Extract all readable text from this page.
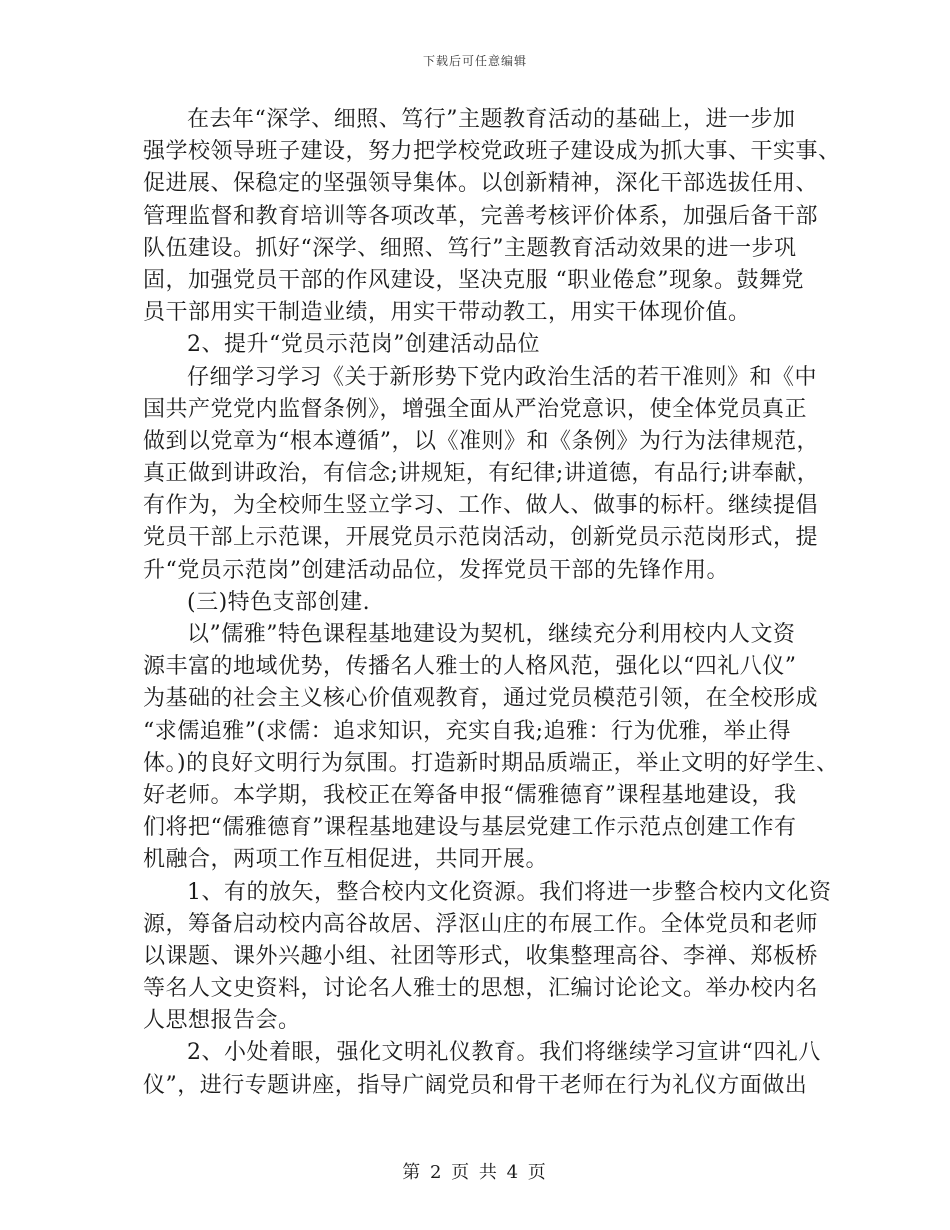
下载后可任意编辑
在去年“深学、细照、笃行”主题教育活动的基础上，进一步加
强学校领导班子建设，努力把学校党政班子建设成为抓大事、干实事、
促进展、保稳定的坚强领导集体。以创新精神，深化干部选拔任用、
管理监督和教育培训等各项改革，完善考核评价体系，加强后备干部
队伍建设。抓好“深学、细照、笃行”主题教育活动效果的进一步巩
固，加强党员干部的作风建设，坚决克服 “职业倦怠”现象。鼓舞党
员干部用实干制造业绩，用实干带动教工，用实干体现价值。
2、提升“党员示范岗”创建活动品位
仔细学习学习《关于新形势下党内政治生活的若干准则》和《中
国共产党党内监督条例》，增强全面从严治党意识，使全体党员真正
做到以党章为“根本遵循”，以《准则》和《条例》为行为法律规范，
真正做到讲政治，有信念;讲规矩，有纪律;讲道德，有品行;讲奉献，
有作为，为全校师生竖立学习、工作、做人、做事的标杆。继续提倡
党员干部上示范课，开展党员示范岗活动，创新党员示范岗形式，提
升“党员示范岗”创建活动品位，发挥党员干部的先锋作用。
(三)特色支部创建.
以”儒雅”特色课程基地建设为契机，继续充分利用校内人文资
源丰富的地域优势，传播名人雅士的人格风范，强化以“四礼八仪”
为基础的社会主义核心价值观教育，通过党员模范引领，在全校形成
“求儒追雅”(求儒：追求知识，充实自我;追雅：行为优雅，举止得
体。)的良好文明行为氛围。打造新时期品质端正，举止文明的好学生、
好老师。本学期，我校正在筹备申报“儒雅德育”课程基地建设，我
们将把“儒雅德育”课程基地建设与基层党建工作示范点创建工作有
机融合，两项工作互相促进，共同开展。
1、有的放矢，整合校内文化资源。我们将进一步整合校内文化资
源，筹备启动校内高谷故居、浮沤山庄的布展工作。全体党员和老师
以课题、课外兴趣小组、社团等形式，收集整理高谷、李禅、郑板桥
等名人文史资料，讨论名人雅士的思想，汇编讨论论文。举办校内名
人思想报告会。
2、小处着眼，强化文明礼仪教育。我们将继续学习宣讲“四礼八
仪”，进行专题讲座，指导广阔党员和骨干老师在行为礼仪方面做出
第 2 页 共 4 页
